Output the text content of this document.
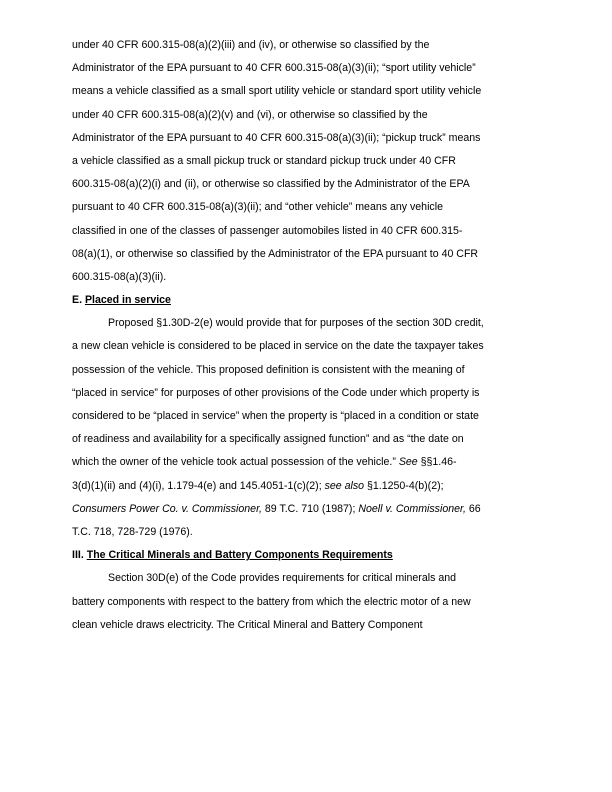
under 40 CFR 600.315-08(a)(2)(iii) and (iv), or otherwise so classified by the
Administrator of the EPA pursuant to 40 CFR 600.315-08(a)(3)(ii); “sport utility vehicle”
means a vehicle classified as a small sport utility vehicle or standard sport utility vehicle
under 40 CFR 600.315-08(a)(2)(v) and (vi), or otherwise so classified by the
Administrator of the EPA pursuant to 40 CFR 600.315-08(a)(3)(ii); “pickup truck” means
a vehicle classified as a small pickup truck or standard pickup truck under 40 CFR
600.315-08(a)(2)(i) and (ii), or otherwise so classified by the Administrator of the EPA
pursuant to 40 CFR 600.315-08(a)(3)(ii); and “other vehicle” means any vehicle
classified in one of the classes of passenger automobiles listed in 40 CFR 600.315-
08(a)(1), or otherwise so classified by the Administrator of the EPA pursuant to 40 CFR
600.315-08(a)(3)(ii).
E. Placed in service
Proposed §1.30D-2(e) would provide that for purposes of the section 30D credit,
a new clean vehicle is considered to be placed in service on the date the taxpayer takes
possession of the vehicle. This proposed definition is consistent with the meaning of
“placed in service” for purposes of other provisions of the Code under which property is
considered to be “placed in service” when the property is “placed in a condition or state
of readiness and availability for a specifically assigned function” and as “the date on
which the owner of the vehicle took actual possession of the vehicle.” See §§1.46-
3(d)(1)(ii) and (4)(i), 1.179-4(e) and 145.4051-1(c)(2); see also §1.1250-4(b)(2);
Consumers Power Co. v. Commissioner, 89 T.C. 710 (1987); Noell v. Commissioner, 66
T.C. 718, 728-729 (1976).
III. The Critical Minerals and Battery Components Requirements
Section 30D(e) of the Code provides requirements for critical minerals and
battery components with respect to the battery from which the electric motor of a new
clean vehicle draws electricity. The Critical Mineral and Battery Component
